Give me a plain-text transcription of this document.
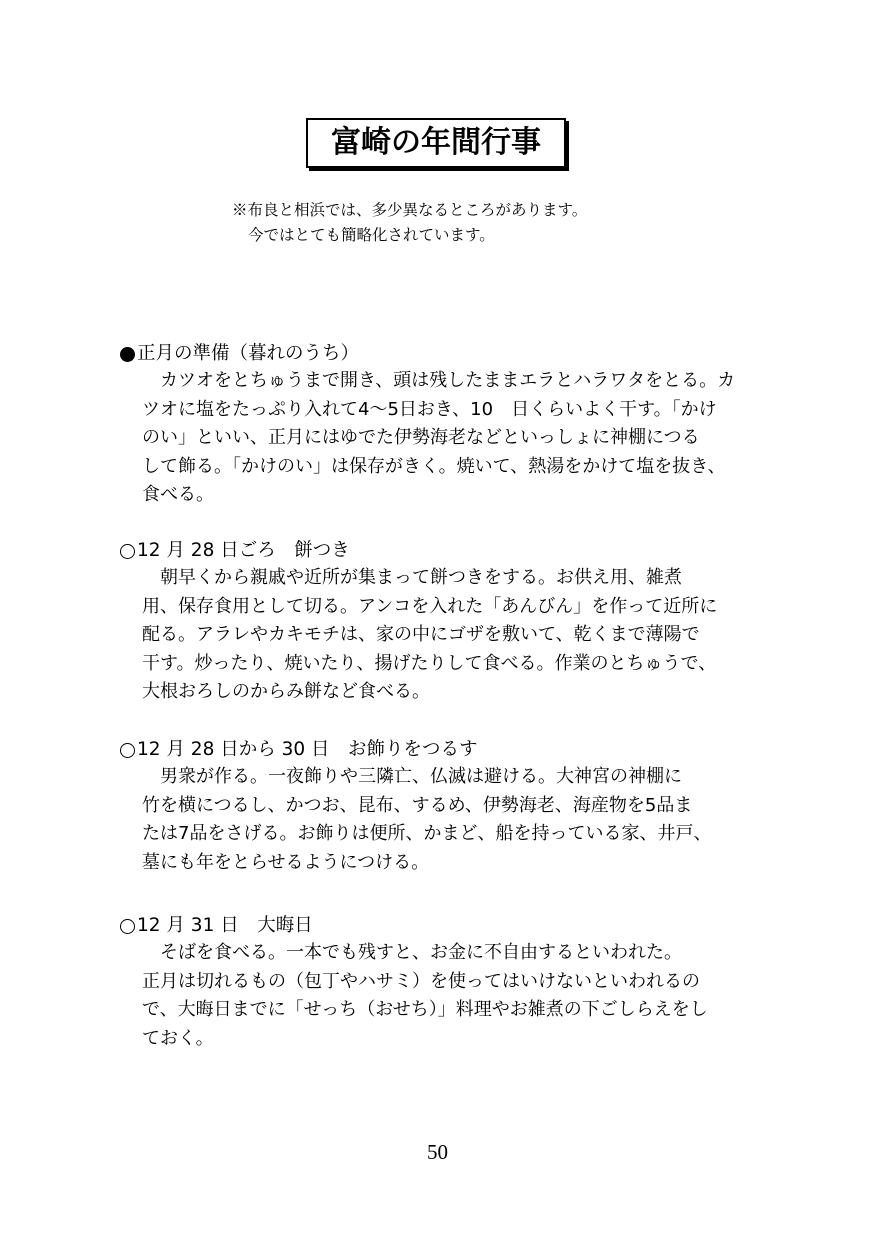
富崎の年間行事
※布良と相浜では、多少異なるところがあります。
今ではとても簡略化されています。
正月の準備（暮れのうち）
カツオをとちゅうまで開き、頭は残したままエラとハラワタをとる。カ
ツオに塩をたっぷり入れて4～5日おき、10　日くらいよく干す。「かけ
のい」といい、正月にはゆでた伊勢海老などといっしょに神棚につる
して飾る。「かけのい」は保存がきく。焼いて、熱湯をかけて塩を抜き、
食べる。
12 月 28 日ごろ　餅つき
朝早くから親戚や近所が集まって餅つきをする。お供え用、雑煮
用、保存食用として切る。アンコを入れた「あんびん」を作って近所に
配る。アラレやカキモチは、家の中にゴザを敷いて、乾くまで薄陽で
干す。炒ったり、焼いたり、揚げたりして食べる。作業のとちゅうで、
大根おろしのからみ餅など食べる。
12 月 28 日から 30 日　お飾りをつるす
男衆が作る。一夜飾りや三隣亡、仏滅は避ける。大神宮の神棚に
竹を横につるし、かつお、昆布、するめ、伊勢海老、海産物を5品ま
たは7品をさげる。お飾りは便所、かまど、船を持っている家、井戸、
墓にも年をとらせるようにつける。
12 月 31 日　大晦日
そばを食べる。一本でも残すと、お金に不自由するといわれた。
正月は切れるもの（包丁やハサミ）を使ってはいけないといわれるの
で、大晦日までに「せっち（おせち）」料理やお雑煮の下ごしらえをし
ておく。
50
